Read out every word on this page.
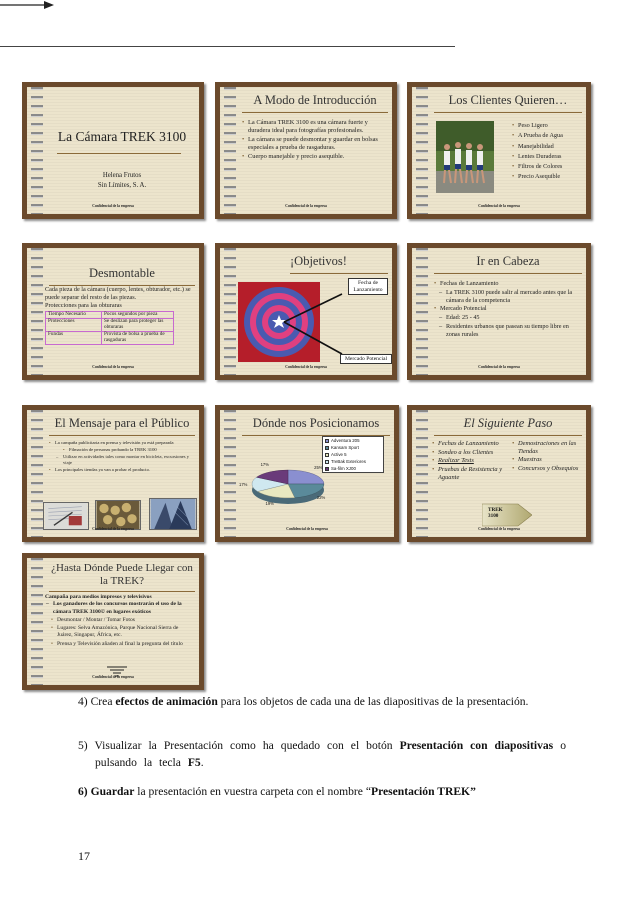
La Cámara TREK 3100
Helena Frutos
Sin Límites, S. A.
Confidencial de la empresa
A Modo de Introducción
• La Cámara TREK 3100 es una cámara fuerte y duradera ideal para fotografías profesionales.
• La cámara se puede desmontar y guardar en bolsas especiales a prueba de rasgaduras.
• Cuerpo manejable y precio asequible.
Confidencial de la empresa
Los Clientes Quieren…
• Peso Ligero
• A Prueba de Agua
• Manejabilidad
• Lentes Duraderas
• Filtros de Colores
• Precio Asequible
Confidencial de la empresa
Desmontable
Cada pieza de la cámara (cuerpo, lentes, obturador, etc.) se puede separar del resto de las piezas.
Protecciones para las obturaras
Tiempo Necesario	Pocos segundos por pieza
Protecciones	Se deslizan para proteger las obturaras
Fundas	Provista de bolsa a prueba de rasgaduras
Confidencial de la empresa
¡Objetivos!
Fecha de Lanzamiento
Mercado Potencial
Confidencial de la empresa
Ir en Cabeza
• Fechas de Lanzamiento
– La TREK 3100 puede salir al mercado antes que la cámara de la competencia
• Mercado Potencial
– Edad: 25 - 45
– Residentes urbanos que pasean su tiempo libre en zonas rurales
Confidencial de la empresa
El Mensaje para el Público
• La campaña publicitaria en prensa y televisión ya está preparada
• Filmación de personas probando la TREK 3100
– Utilizar en actividades tales como montar en bicicleta, excursiones y viaje
• Los principales tiendas ya van a probar el producto.
Confidencial de la empresa
Dónde nos Posicionamos
Adventura 205
Kansam Sport
Active 5
TreBak Exteriores
Sa-film XJ00
Confidencial de la empresa
25%
22%
19%
17%
17%
El Siguiente Paso
• Fechas de Lanzamiento
• Sondeo a los Clientes
• Realizar Tests
• Pruebas de Resistencia y Aguante
• Demostraciones en las Tiendas
• Muestras
• Concursos y Obsequios
TREK 3100
Confidencial de la empresa
¿Hasta Dónde Puede Llegar con la TREK?
Campaña para medios impresos y televisivos
– Los ganadores de los concursos mostrarán el uso de la cámara TREK 3100© en lugares exóticos
• Desmontar / Montar / Tomar Fotos
• Lugares: Selva Amazónica, Parque Nacional Sierra de Juárez, Singapur, África, etc.
• Prensa y Televisión añaden al final la pregunta del título
Confidencial de la empresa
4) Crea efectos de animación para los objetos de cada una de las diapositivas de la presentación.
5) Visualizar la Presentación como ha quedado con el botón Presentación con diapositivas o pulsando la tecla F5.
6) Guardar la presentación en vuestra carpeta con el nombre “Presentación TREK”
17
